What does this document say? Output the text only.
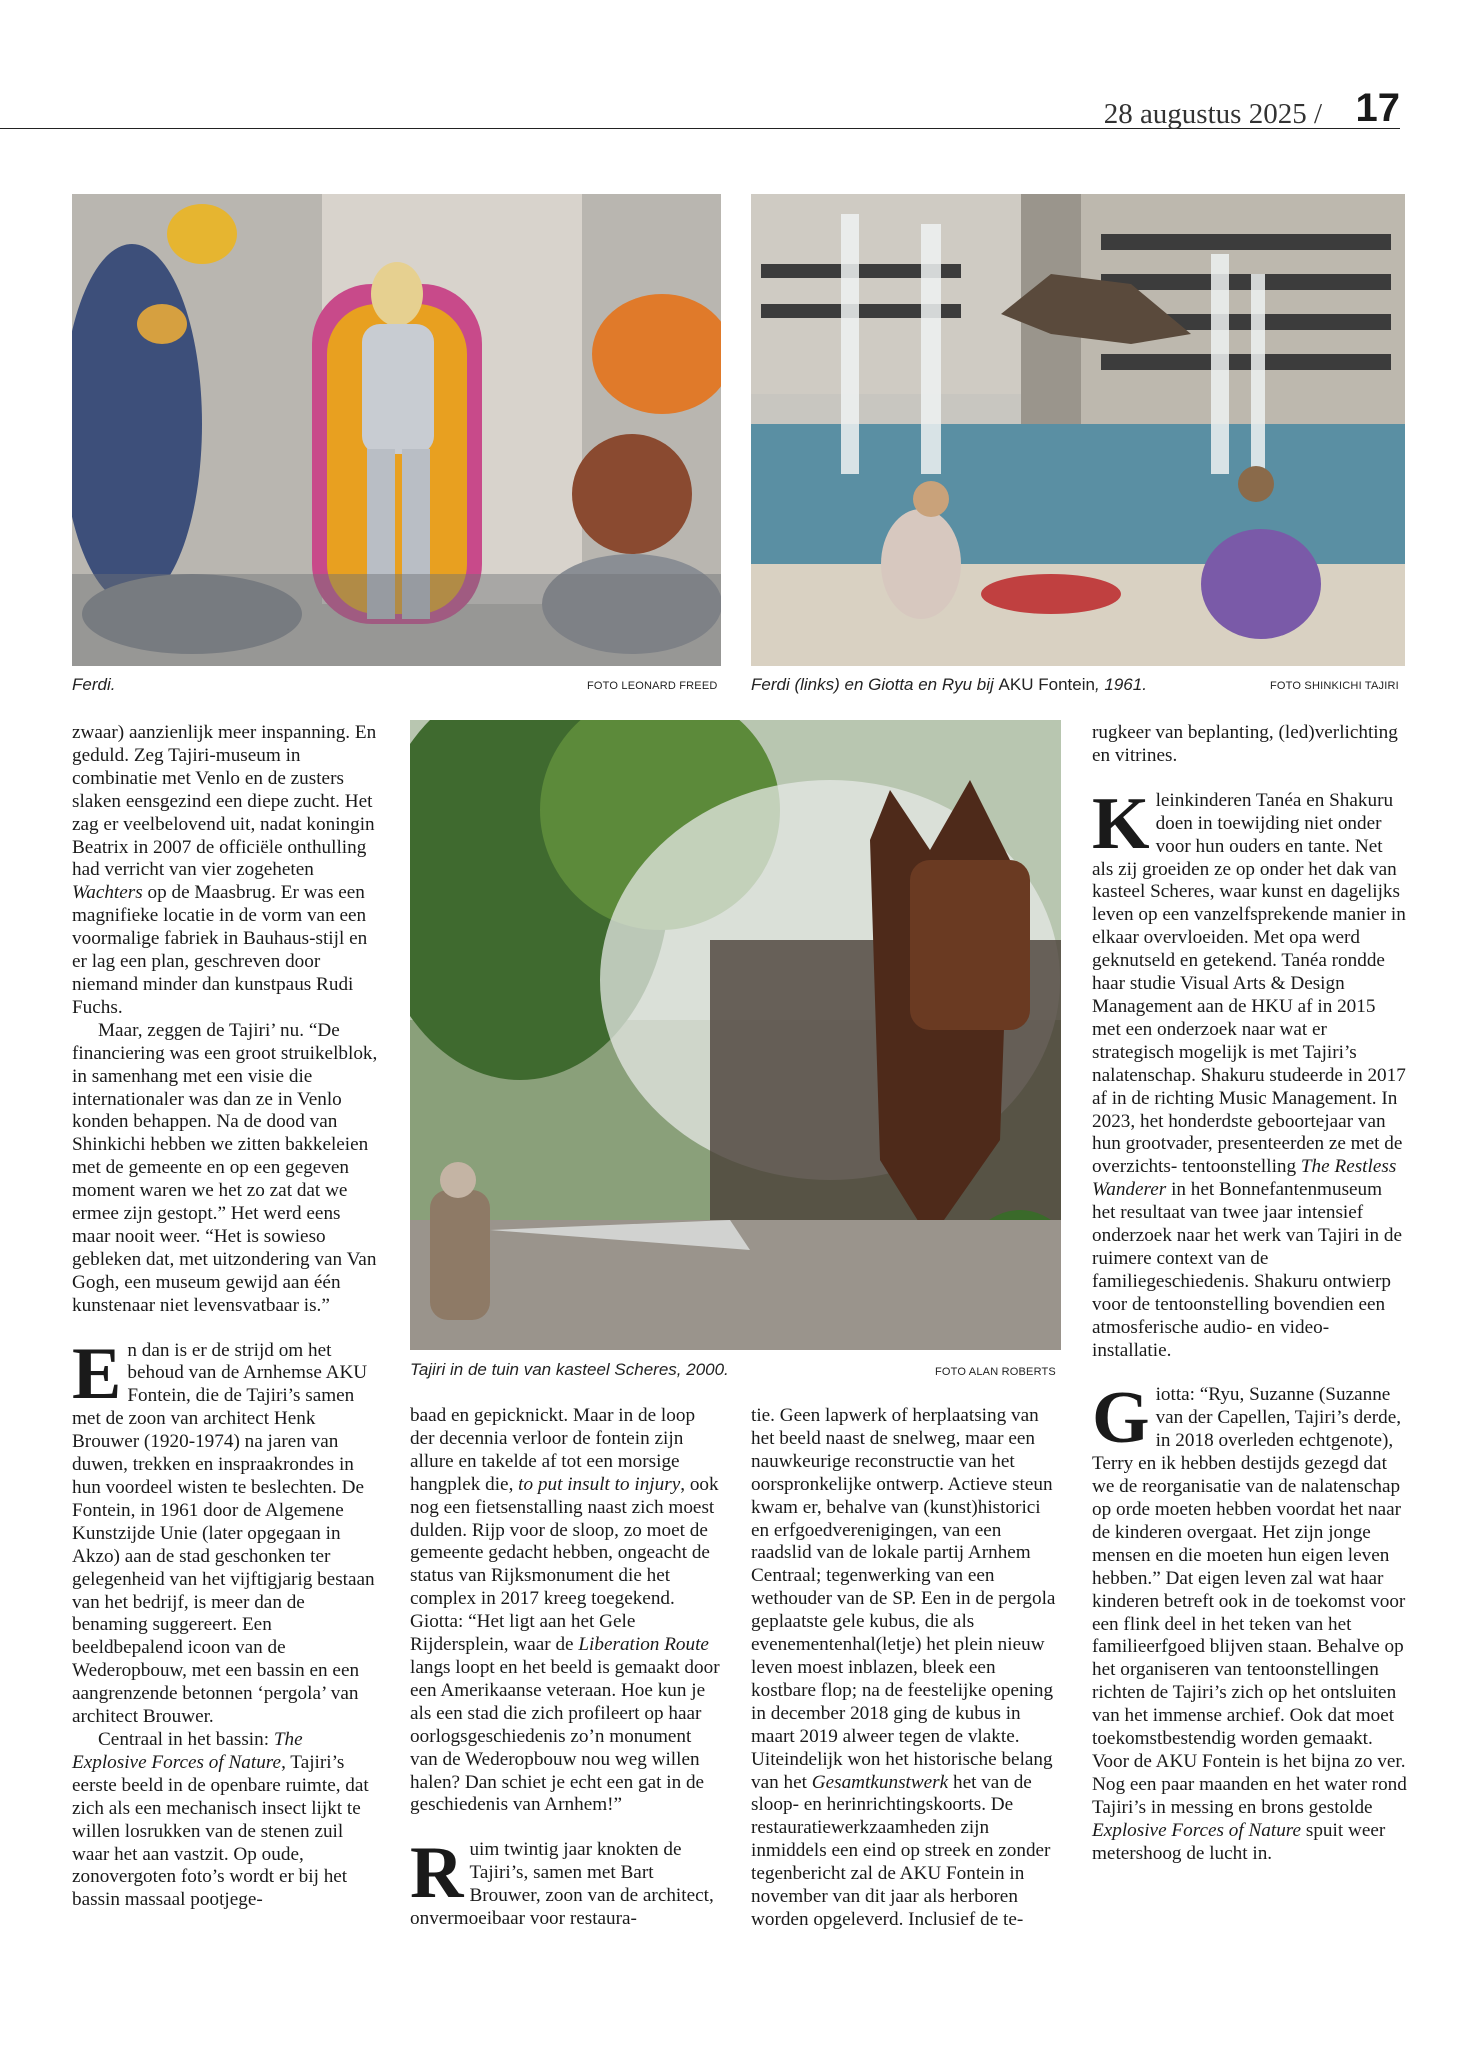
28 augustus 2025 / 17
Ferdi.	FOTO LEONARD FREED Ferdi (links) en Giotta en Ryu bij AKU Fontein, 1961.	FOTO SHINKICHI TAJIRI
Tajiri in de tuin van kasteel Scheres, 2000.	FOTO ALAN ROBERTS

zwaar) aanzienlijk meer inspanning. En geduld. Zeg Tajiri-museum in combinatie met Venlo en de zusters slaken eensgezind een diepe zucht. Het zag er veelbelovend uit, nadat koningin Beatrix in 2007 de officiële onthulling had verricht van vier zogeheten Wachters op de Maasbrug. Er was een magnifieke locatie in de vorm van een voormalige fabriek in Bauhaus-stijl en er lag een plan, geschreven door niemand minder dan kunstpaus Rudi Fuchs.

Maar, zeggen de Tajiri’ nu. “De financiering was een groot struikelblok, in samenhang met een visie die internationaler was dan ze in Venlo konden behappen. Na de dood van Shinkichi hebben we zitten bakkeleien met de gemeente en op een gegeven moment waren we het zo zat dat we ermee zijn gestopt.” Het werd eens maar nooit weer. “Het is sowieso gebleken dat, met uitzondering van Van Gogh, een museum gewijd aan één kunstenaar niet levensvatbaar is.”

En dan is er de strijd om het behoud van de Arnhemse AKU Fontein, die de Tajiri’s samen met de zoon van architect Henk Brouwer (1920-1974) na jaren van duwen, trekken en inspraakrondes in hun voordeel wisten te beslechten. De Fontein, in 1961 door de Algemene Kunstzijde Unie (later opgegaan in Akzo) aan de stad geschonken ter gelegenheid van het vijftigjarig bestaan van het bedrijf, is meer dan de benaming suggereert. Een beeldbepalend icoon van de Wederopbouw, met een bassin en een aangrenzende betonnen ‘pergola’ van architect Brouwer.

Centraal in het bassin: The Explosive Forces of Nature, Tajiri’s eerste beeld in de openbare ruimte, dat zich als een mechanisch insect lijkt te willen losrukken van de stenen zuil waar het aan vastzit. Op oude, zonovergoten foto’s wordt er bij het bassin massaal pootjege-

baad en gepicknickt. Maar in de loop der decennia verloor de fontein zijn allure en takelde af tot een morsige hangplek die, to put insult to injury, ook nog een fietsenstalling naast zich moest dulden. Rijp voor de sloop, zo moet de gemeente gedacht hebben, ongeacht de status van Rijksmonument die het complex in 2017 kreeg toegekend. Giotta: “Het ligt aan het Gele Rijdersplein, waar de Liberation Route langs loopt en het beeld is gemaakt door een Amerikaanse veteraan. Hoe kun je als een stad die zich profileert op haar oorlogsgeschiedenis zo’n monument van de Wederopbouw nou weg willen halen? Dan schiet je echt een gat in de geschiedenis van Arnhem!”

Ruim twintig jaar knokten de Tajiri’s, samen met Bart Brouwer, zoon van de architect, onvermoeibaar voor restaura-

tie. Geen lapwerk of herplaatsing van het beeld naast de snelweg, maar een nauwkeurige reconstructie van het oorspronkelijke ontwerp. Actieve steun kwam er, behalve van (kunst)historici en erfgoedverenigingen, van een raadslid van de lokale partij Arnhem Centraal; tegenwerking van een wethouder van de SP. Een in de pergola geplaatste gele kubus, die als evenementenhal(letje) het plein nieuw leven moest inblazen, bleek een kostbare flop; na de feestelijke opening in december 2018 ging de kubus in maart 2019 alweer tegen de vlakte. Uiteindelijk won het historische belang van het Gesamtkunstwerk het van de sloop- en herinrichtingskoorts. De restauratiewerkzaamheden zijn inmiddels een eind op streek en zonder tegenbericht zal de AKU Fontein in november van dit jaar als herboren worden opgeleverd. Inclusief de te-

rugkeer van beplanting, (led)verlichting en vitrines.

Kleinkinderen Tanéa en Shakuru doen in toewijding niet onder voor hun ouders en tante. Net als zij groeiden ze op onder het dak van kasteel Scheres, waar kunst en dagelijks leven op een vanzelfsprekende manier in elkaar overvloeiden. Met opa werd geknutseld en getekend. Tanéa rondde haar studie Visual Arts & Design Management aan de HKU af in 2015 met een onderzoek naar wat er strategisch mogelijk is met Tajiri’s nalatenschap. Shakuru studeerde in 2017 af in de richting Music Management. In 2023, het honderdste geboortejaar van hun grootvader, presenteerden ze met de overzichts- tentoonstelling The Restless Wanderer in het Bonnefantenmuseum het resultaat van twee jaar intensief onderzoek naar het werk van Tajiri in de ruimere context van de familiegeschiedenis. Shakuru ontwierp voor de tentoonstelling bovendien een atmosferische audio- en video-installatie.

Giotta: “Ryu, Suzanne (Suzanne van der Capellen, Tajiri’s derde, in 2018 overleden echtgenote), Terry en ik hebben destijds gezegd dat we de reorganisatie van de nalatenschap op orde moeten hebben voordat het naar de kinderen overgaat. Het zijn jonge mensen en die moeten hun eigen leven hebben.” Dat eigen leven zal wat haar kinderen betreft ook in de toekomst voor een flink deel in het teken van het familieerfgoed blijven staan. Behalve op het organiseren van tentoonstellingen richten de Tajiri’s zich op het ontsluiten van het immense archief. Ook dat moet toekomstbestendig worden gemaakt. Voor de AKU Fontein is het bijna zo ver. Nog een paar maanden en het water rond Tajiri’s in messing en brons gestolde Explosive Forces of Nature spuit weer metershoog de lucht in.
